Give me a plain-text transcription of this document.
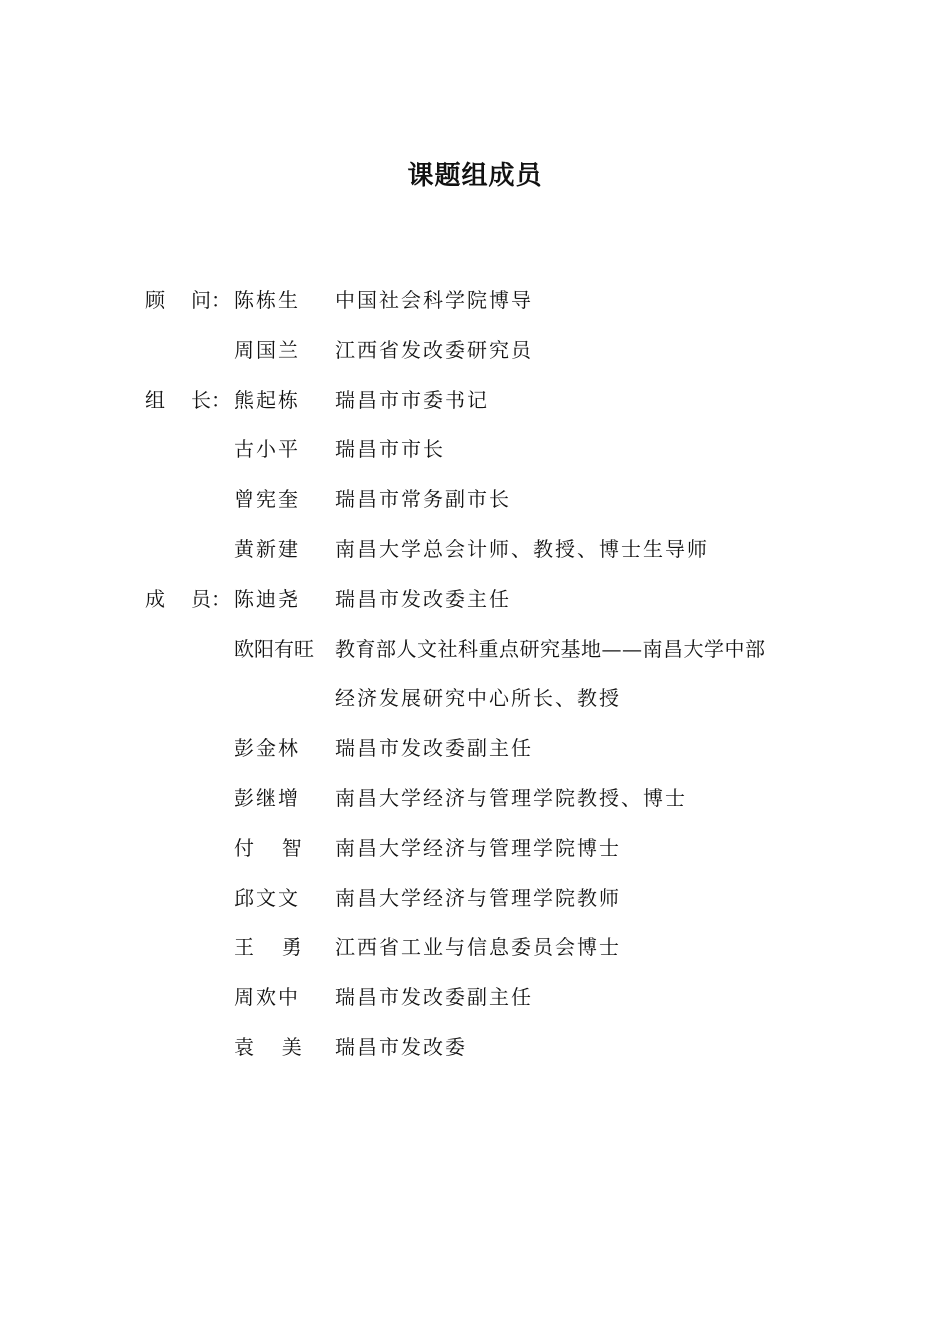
课题组成员
顾 问： 陈栋生	中国社会科学院博导
周国兰	江西省发改委研究员
组 长： 熊起栋	瑞昌市市委书记
古小平	瑞昌市市长
曾宪奎	瑞昌市常务副市长
黄新建	南昌大学总会计师、教授、博士生导师
成 员： 陈迪尧	瑞昌市发改委主任
欧阳有旺	教育部人文社科重点研究基地——南昌大学中部
经济发展研究中心所长、教授
彭金林	瑞昌市发改委副主任
彭继增	南昌大学经济与管理学院教授、博士
付  智	南昌大学经济与管理学院博士
邱文文	南昌大学经济与管理学院教师
王  勇	江西省工业与信息委员会博士
周欢中	瑞昌市发改委副主任
袁  美	瑞昌市发改委
